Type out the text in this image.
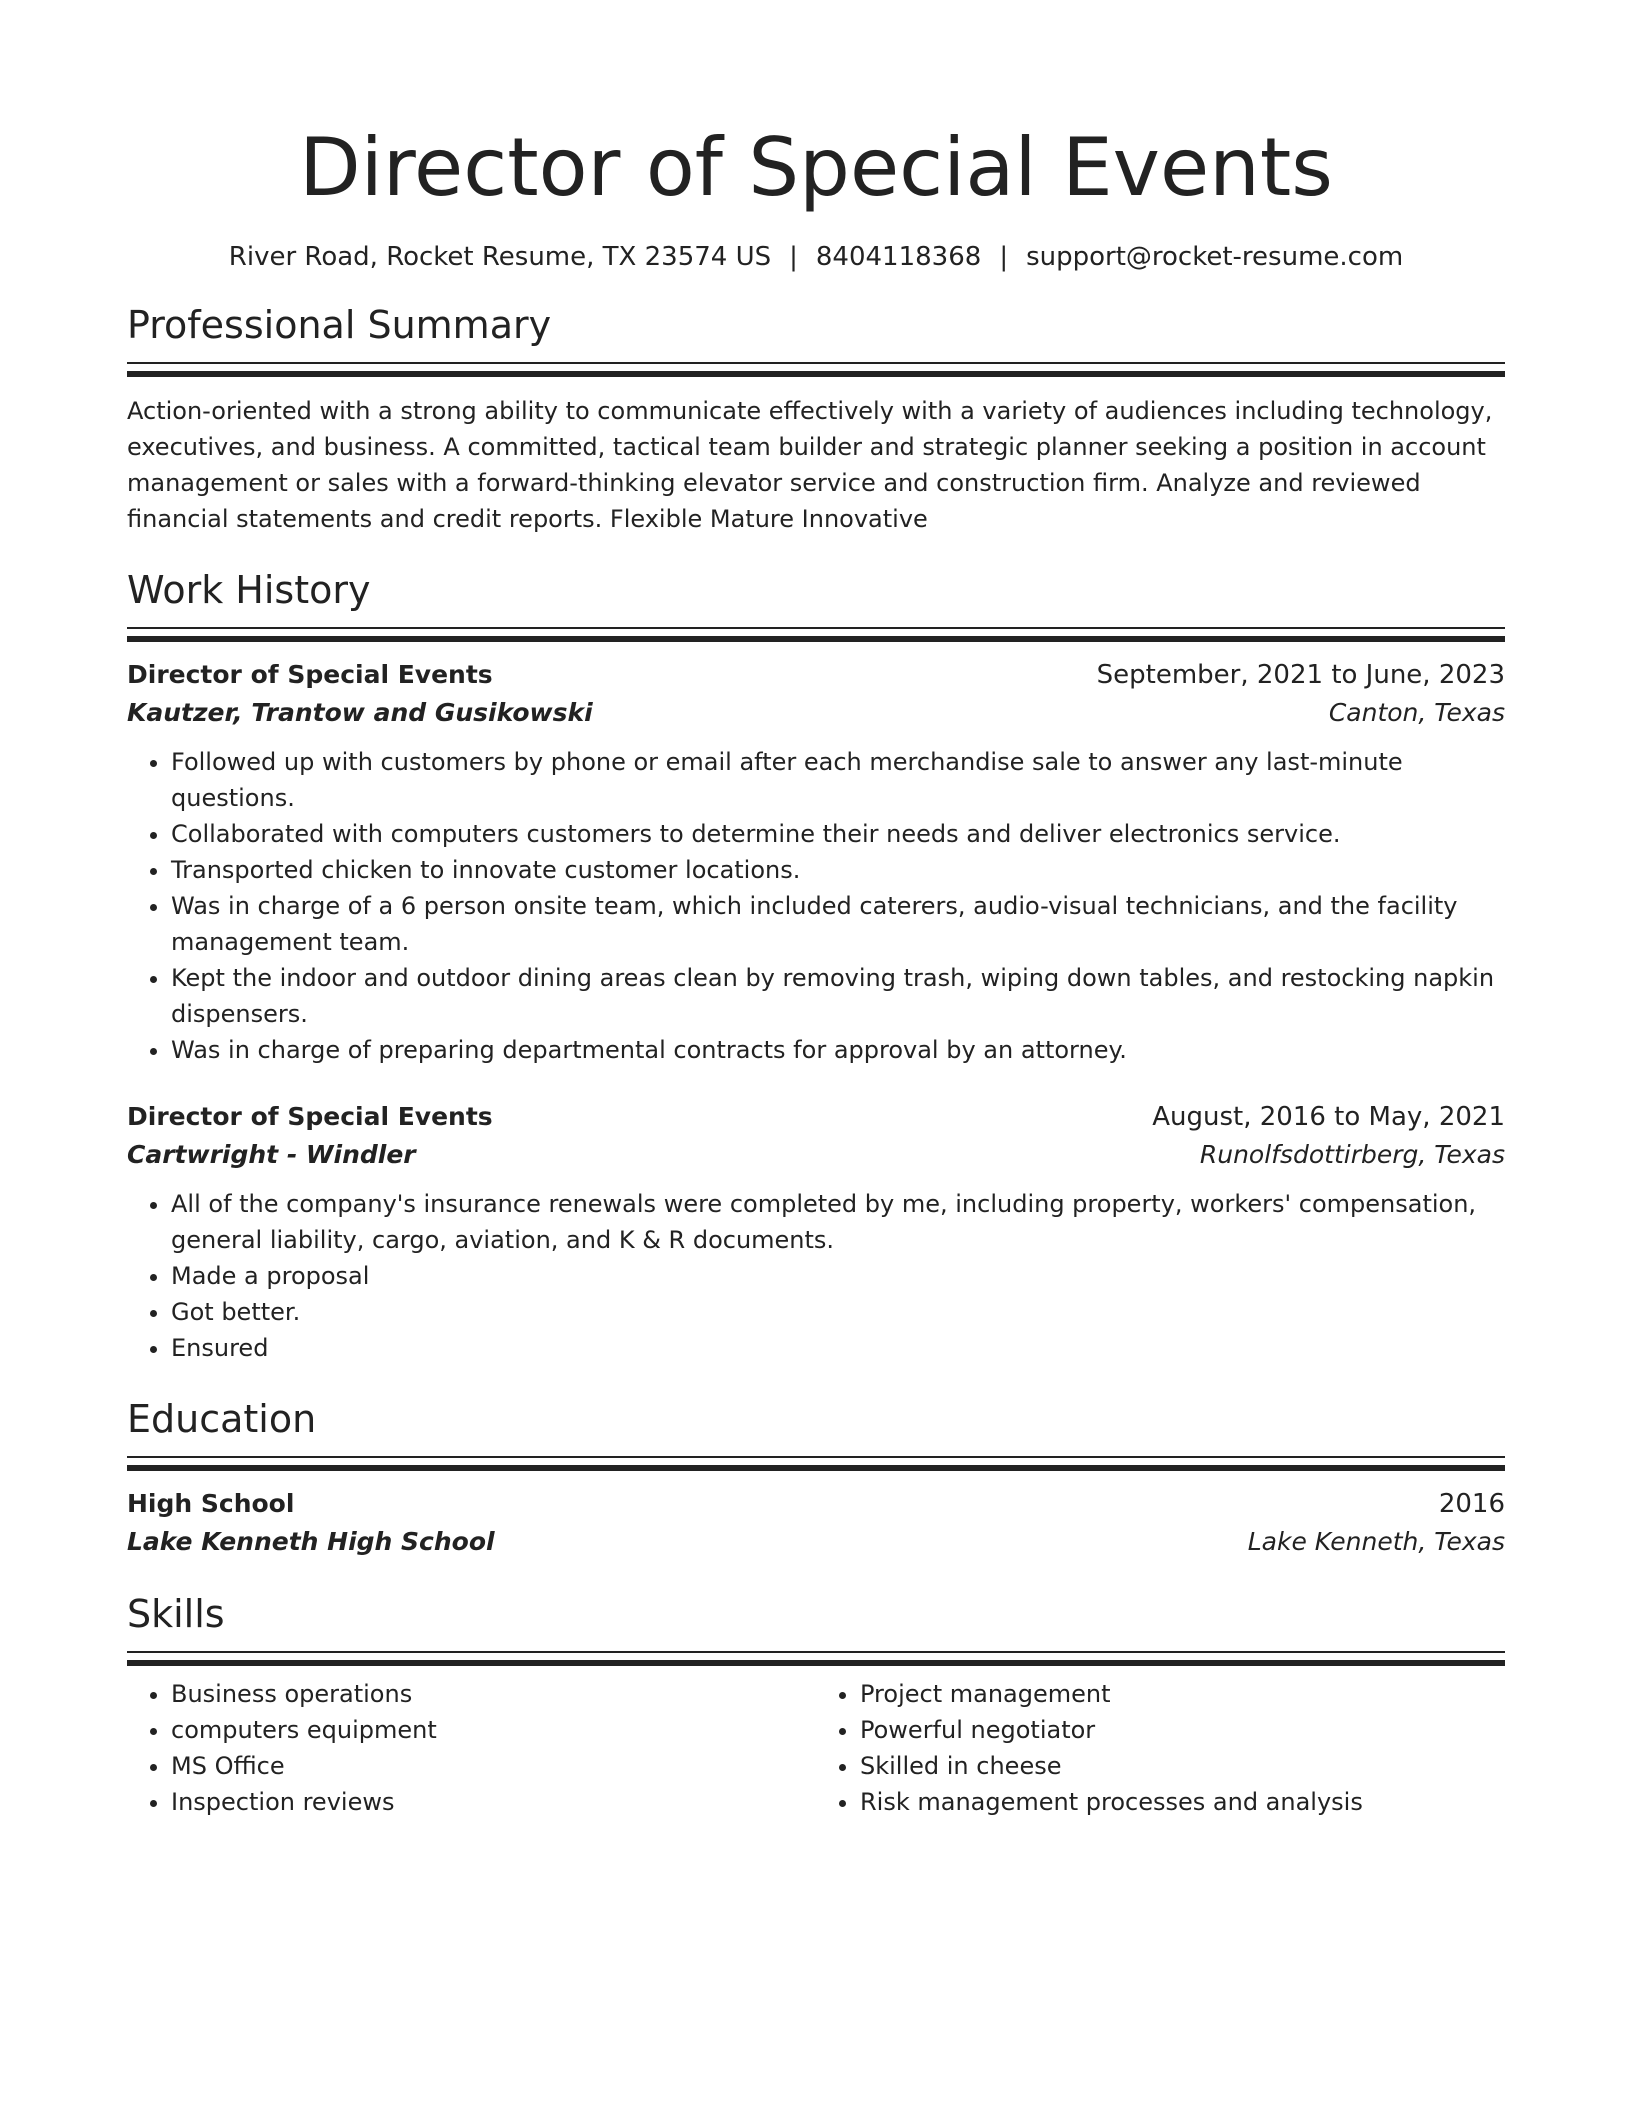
Director of Special Events
River Road, Rocket Resume, TX 23574 US | 8404118368 | support@rocket-resume.com
Professional Summary

Action-oriented with a strong ability to communicate effectively with a variety of audiences including technology, executives, and business. A committed, tactical team builder and strategic planner seeking a position in account management or sales with a forward-thinking elevator service and construction firm. Analyze and reviewed financial statements and credit reports. Flexible Mature Innovative

Work History
Director of Special Events	September, 2021 to June, 2023
Kautzer, Trantow and Gusikowski	Canton, Texas
• Followed up with customers by phone or email after each merchandise sale to answer any last-minute questions.
• Collaborated with computers customers to determine their needs and deliver electronics service.
• Transported chicken to innovate customer locations.
• Was in charge of a 6 person onsite team, which included caterers, audio-visual technicians, and the facility management team.
• Kept the indoor and outdoor dining areas clean by removing trash, wiping down tables, and restocking napkin dispensers.
• Was in charge of preparing departmental contracts for approval by an attorney.
Director of Special Events	August, 2016 to May, 2021
Cartwright - Windler	Runolfsdottirberg, Texas
• All of the company's insurance renewals were completed by me, including property, workers' compensation, general liability, cargo, aviation, and K & R documents.
• Made a proposal
• Got better.
• Ensured
Education
High School	2016
Lake Kenneth High School	Lake Kenneth, Texas
Skills
• Business operations
• computers equipment
• MS Office
• Inspection reviews
• Project management
• Powerful negotiator
• Skilled in cheese
• Risk management processes and analysis
